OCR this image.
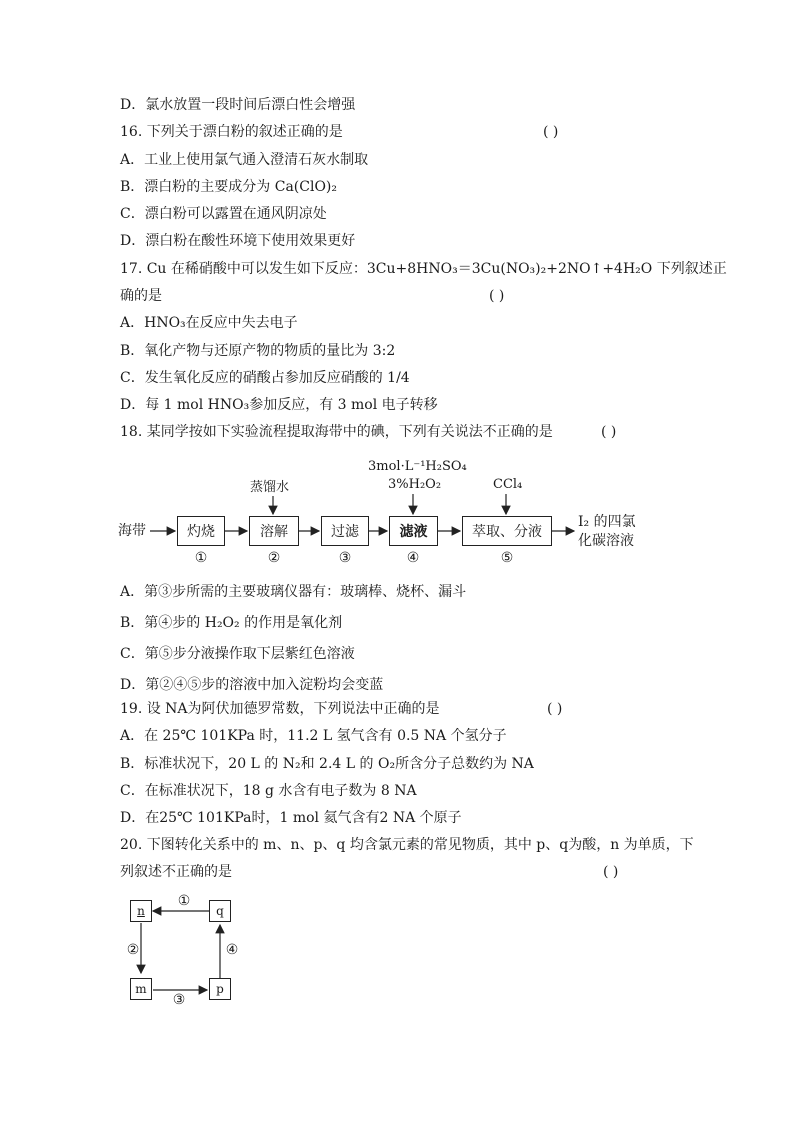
D．氯水放置一段时间后漂白性会增强
16. 下列关于漂白粉的叙述正确的是	( )
A．工业上使用氯气通入澄清石灰水制取
B．漂白粉的主要成分为 Ca(ClO)₂
C．漂白粉可以露置在通风阴凉处
D．漂白粉在酸性环境下使用效果更好
17. Cu 在稀硝酸中可以发生如下反应：3Cu+8HNO₃＝3Cu(NO₃)₂+2NO↑+4H₂O 下列叙述正
确的是	( )
A．HNO₃在反应中失去电子
B．氧化产物与还原产物的物质的量比为 3:2
C．发生氧化反应的硝酸占参加反应硝酸的 1/4
D．每 1 mol HNO₃参加反应，有 3 mol 电子转移
18. 某同学按如下实验流程提取海带中的碘，下列有关说法不正确的是	( )
海带	灼烧	溶解	过滤	滤液	萃取、分液
①	②	③	④	⑤
蒸馏水
3mol·L⁻¹H₂SO₄
3%H₂O₂	CCl₄
I₂ 的四氯
化碳溶液
A．第③步所需的主要玻璃仪器有：玻璃棒、烧杯、漏斗
B．第④步的 H₂O₂ 的作用是氧化剂
C．第⑤步分液操作取下层紫红色溶液
D．第②④⑤步的溶液中加入淀粉均会变蓝
19. 设 NA为阿伏加德罗常数，下列说法中正确的是	( )
A．在 25℃ 101KPa 时，11.2 L 氢气含有 0.5 NA 个氢分子
B．标准状况下，20 L 的 N₂和 2.4 L 的 O₂所含分子总数约为 NA
C．在标准状况下，18 g 水含有电子数为 8 NA
D．在25℃ 101KPa时，1 mol 氦气含有2 NA 个原子
20. 下图转化关系中的 m、n、p、q 均含氯元素的常见物质，其中 p、q为酸，n 为单质，下
列叙述不正确的是	( )
n	q
m	p
①
②
③
④
